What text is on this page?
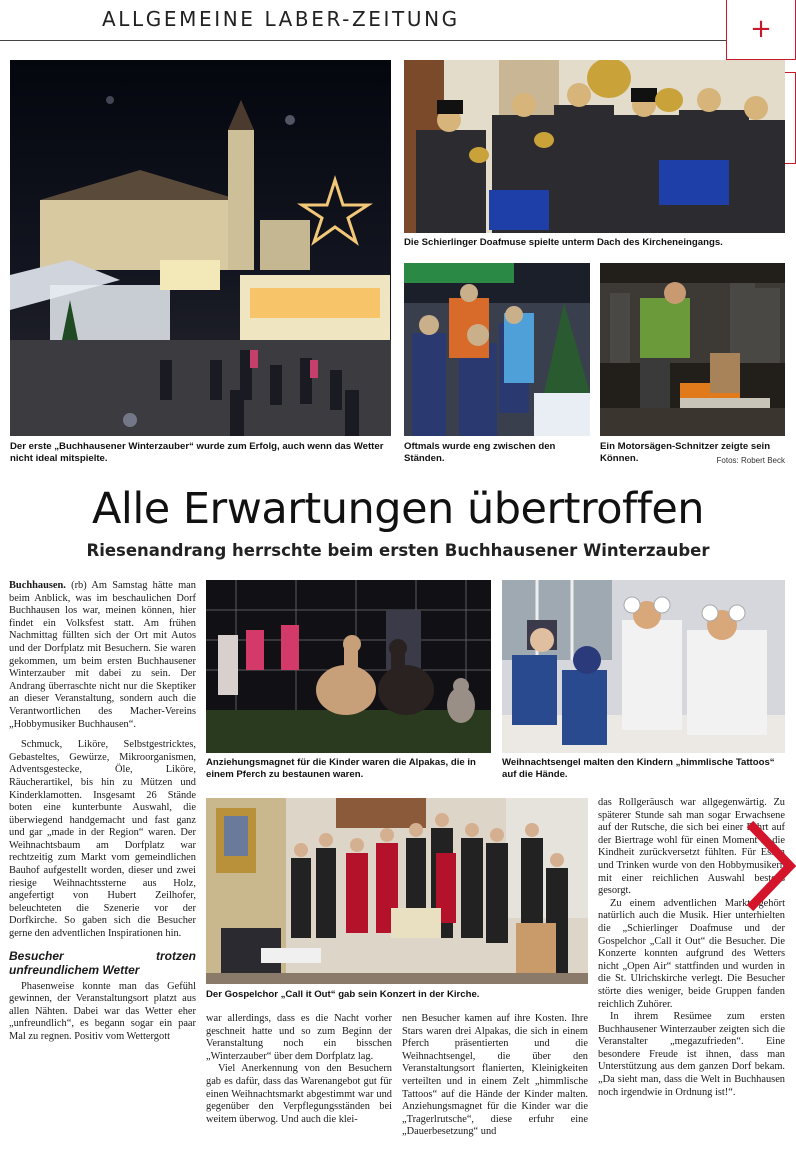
ALLGEMEINE LABER-ZEITUNG	+
Der erste „Buchhausener Winterzauber“ wurde zum Erfolg, auch wenn das Wetter nicht ideal mitspielte.
Die Schierlinger Doafmuse spielte unterm Dach des Kircheneingangs.
Oftmals wurde eng zwischen den Ständen.
Ein Motorsägen-Schnitzer zeigte sein Können.	Fotos: Robert Beck
Alle Erwartungen übertroffen
Riesenandrang herrschte beim ersten Buchhausener Winterzauber
Anziehungsmagnet für die Kinder waren die Alpakas, die in einem Pferch zu bestaunen waren.
Weihnachtsengel malten den Kindern „himmlische Tattoos“ auf die Hände.
Der Gospelchor „Call it Out“ gab sein Konzert in der Kirche.

Buchhausen. (rb) Am Samstag hätte man beim Anblick, was im beschaulichen Dorf Buchhausen los war, meinen können, hier findet ein Volksfest statt. Am frühen Nachmittag füllten sich der Ort mit Autos und der Dorfplatz mit Besuchern. Sie waren gekommen, um beim ersten Buchhausener Winterzauber mit dabei zu sein. Der Andrang überraschte nicht nur die Skeptiker an dieser Veranstaltung, sondern auch die Verantwortlichen des Macher-Vereins „Hobbymusiker Buchhausen“.

Schmuck, Liköre, Selbstgestricktes, Gebasteltes, Gewürze, Mikroorganismen, Adventsgestecke, Öle, Liköre, Räucherartikel, bis hin zu Mützen und Kinderklamotten. Insgesamt 26 Stände boten eine kunterbunte Auswahl, die überwiegend handgemacht und fast ganz und gar „made in der Region“ waren. Der Weihnachtsbaum am Dorfplatz war rechtzeitig zum Markt vom gemeindlichen Bauhof aufgestellt worden, dieser und zwei riesige Weihnachtssterne aus Holz, angefertigt von Hubert Zeilhofer, beleuchteten die Szenerie vor der Dorfkirche. So gaben sich die Besucher gerne den adventlichen Inspirationen hin.

Besucher trotzen unfreundlichem Wetter

Phasenweise konnte man das Gefühl gewinnen, der Veranstaltungsort platzt aus allen Nähten. Dabei war das Wetter eher „unfreundlich“, es begann sogar ein paar Mal zu regnen. Positiv vom Wettergott

war allerdings, dass es die Nacht vorher geschneit hatte und so zum Beginn der Veranstaltung noch ein bisschen „Winterzauber“ über dem Dorfplatz lag.

Viel Anerkennung von den Besuchern gab es dafür, dass das Warenangebot gut für einen Weihnachtsmarkt abgestimmt war und gegenüber den Verpflegungsständen bei weitem überwog. Und auch die klei-

nen Besucher kamen auf ihre Kosten. Ihre Stars waren drei Alpakas, die sich in einem Pferch präsentierten und die Weihnachtsengel, die über den Veranstaltungsort flanierten, Kleinigkeiten verteilten und in einem Zelt „himmlische Tattoos“ auf die Hände der Kinder malten. Anziehungsmagnet für die Kinder war die „Tragerlrutsche“, diese erfuhr eine „Dauerbesetzung“ und

das Rollgeräusch war allgegenwärtig. Zu späterer Stunde sah man sogar Erwachsene auf der Rutsche, die sich bei einer Fahrt auf der Biertrage wohl für einen Moment in die Kindheit zurückversetzt fühlten. Für Essen und Trinken wurde von den Hobbymusikern mit einer reichlichen Auswahl bestens gesorgt.

Zu einem adventlichen Markt gehört natürlich auch die Musik. Hier unterhielten die „Schierlinger Doafmuse und der Gospelchor „Call it Out“ die Besucher. Die Konzerte konnten aufgrund des Wetters nicht „Open Air“ stattfinden und wurden in die St. Ulrichskirche verlegt. Die Besucher störte dies weniger, beide Gruppen fanden reichlich Zuhörer.

In ihrem Resümee zum ersten Buchhausener Winterzauber zeigten sich die Veranstalter „megazufrieden“. Eine besondere Freude ist ihnen, dass man Unterstützung aus dem ganzen Dorf bekam. „Da sieht man, dass die Welt in Buchhausen noch irgendwie in Ordnung ist!“.
